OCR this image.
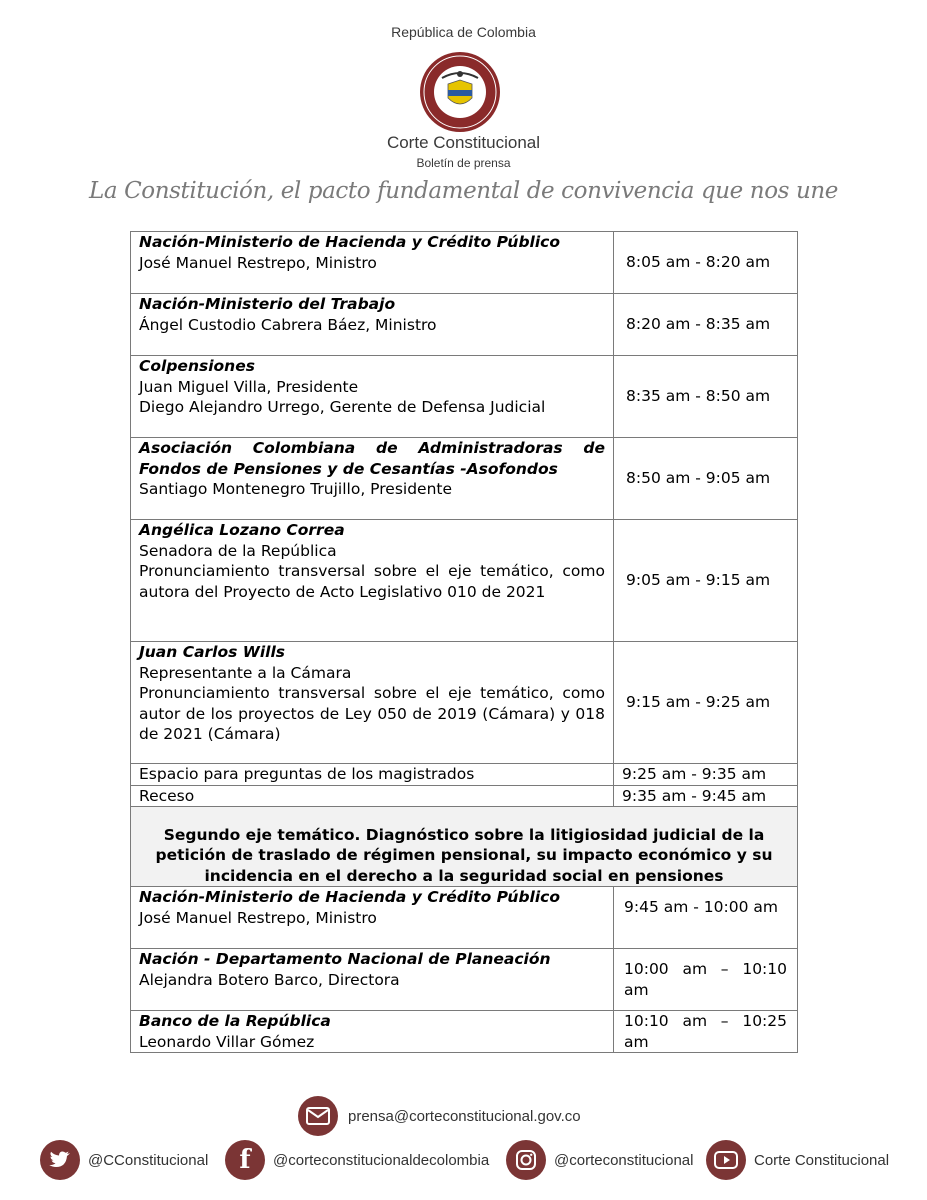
República de Colombia
Corte Constitucional
Boletín de prensa
La Constitución, el pacto fundamental de convivencia que nos une
Nación-Ministerio de Hacienda y Crédito Público
José Manuel Restrepo, Ministro	8:05 am - 8:20 am

Nación-Ministerio del Trabajo
Ángel Custodio Cabrera Báez, Ministro	8:20 am - 8:35 am

Colpensiones
Juan Miguel Villa, Presidente
Diego Alejandro Urrego, Gerente de Defensa Judicial	8:35 am - 8:50 am

Asociación Colombiana de Administradoras de Fondos de Pensiones y de Cesantías -Asofondos
Santiago Montenegro Trujillo, Presidente	8:50 am - 9:05 am

Angélica Lozano Correa
Senadora de la República
Pronunciamiento transversal sobre el eje temático, como autora del Proyecto de Acto Legislativo 010 de 2021	9:05 am - 9:15 am

Juan Carlos Wills
Representante a la Cámara
Pronunciamiento transversal sobre el eje temático, como autor de los proyectos de Ley 050 de 2019 (Cámara) y 018 de 2021 (Cámara)	9:15 am - 9:25 am
Espacio para preguntas de los magistrados	9:25 am - 9:35 am
Receso	9:35 am - 9:45 am
Segundo eje temático. Diagnóstico sobre la litigiosidad judicial de la petición de traslado de régimen pensional, su impacto económico y su incidencia en el derecho a la seguridad social en pensiones	

Nación-Ministerio de Hacienda y Crédito Público
José Manuel Restrepo, Ministro	9:45 am - 10:00 am

Nación - Departamento Nacional de Planeación
Alejandra Botero Barco, Directora	10:00 am – 10:10 am

Banco de la República
Leonardo Villar Gómez	10:10 am – 10:25 am
prensa@corteconstitucional.gov.co
@CConstitucional	f	@corteconstitucionaldecolombia	@corteconstitucional	Corte Constitucional
